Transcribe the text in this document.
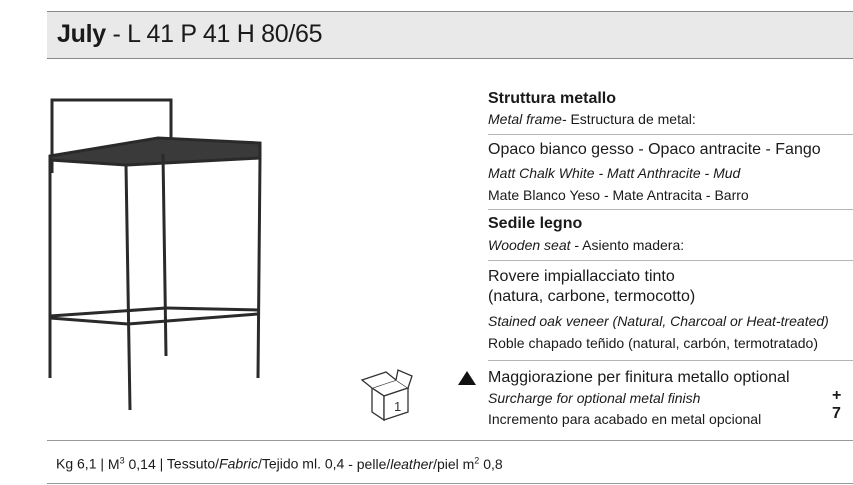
July - L 41 P 41 H 80/65
Struttura metallo
Metal frame- Estructura de metal:
Opaco bianco gesso - Opaco antracite - Fango
Matt Chalk White - Matt Anthracite - Mud
Mate Blanco Yeso - Mate Antracita - Barro
Sedile legno
Wooden seat - Asiento madera:
Rovere impiallacciato tinto
(natura, carbone, termocotto)
Stained oak veneer (Natural, Charcoal or Heat-treated)
Roble chapado teñido (natural, carbón, termotratado)
1
Maggiorazione per finitura metallo optional
Surcharge for optional metal finish
Incremento para acabado en metal opcional
+ 7
Kg 6,1 | $M^3$ 0,14 | Tessuto/Fabric/Tejido ml. 0,4 - pelle/leather/piel $m^2$ 0,8
